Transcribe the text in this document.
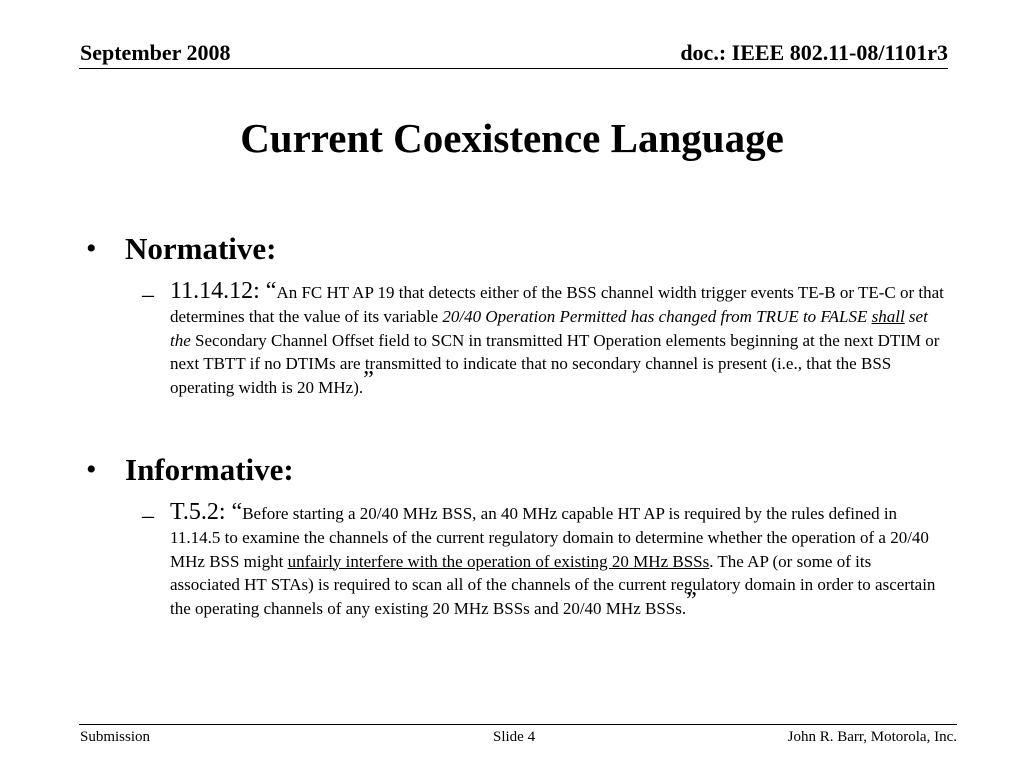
September 2008	doc.: IEEE 802.11-08/1101r3
Current Coexistence Language
• Normative:
– 11.14.12: “An FC HT AP 19 that detects either of the BSS channel width trigger events TE-B or TE-C or that determines that the value of its variable 20/40 Operation Permitted has changed from TRUE to FALSE shall set the Secondary Channel Offset field to SCN in transmitted HT Operation elements beginning at the next DTIM or next TBTT if no DTIMs are transmitted to indicate that no secondary channel is present (i.e., that the BSS operating width is 20 MHz).”
• Informative:
– T.5.2: “Before starting a 20/40 MHz BSS, an 40 MHz capable HT AP is required by the rules defined in 11.14.5 to examine the channels of the current regulatory domain to determine whether the operation of a 20/40 MHz BSS might unfairly interfere with the operation of existing 20 MHz BSSs. The AP (or some of its associated HT STAs) is required to scan all of the channels of the current regulatory domain in order to ascertain the operating channels of any existing 20 MHz BSSs and 20/40 MHz BSSs.”
Submission	Slide 4	John R. Barr, Motorola, Inc.
